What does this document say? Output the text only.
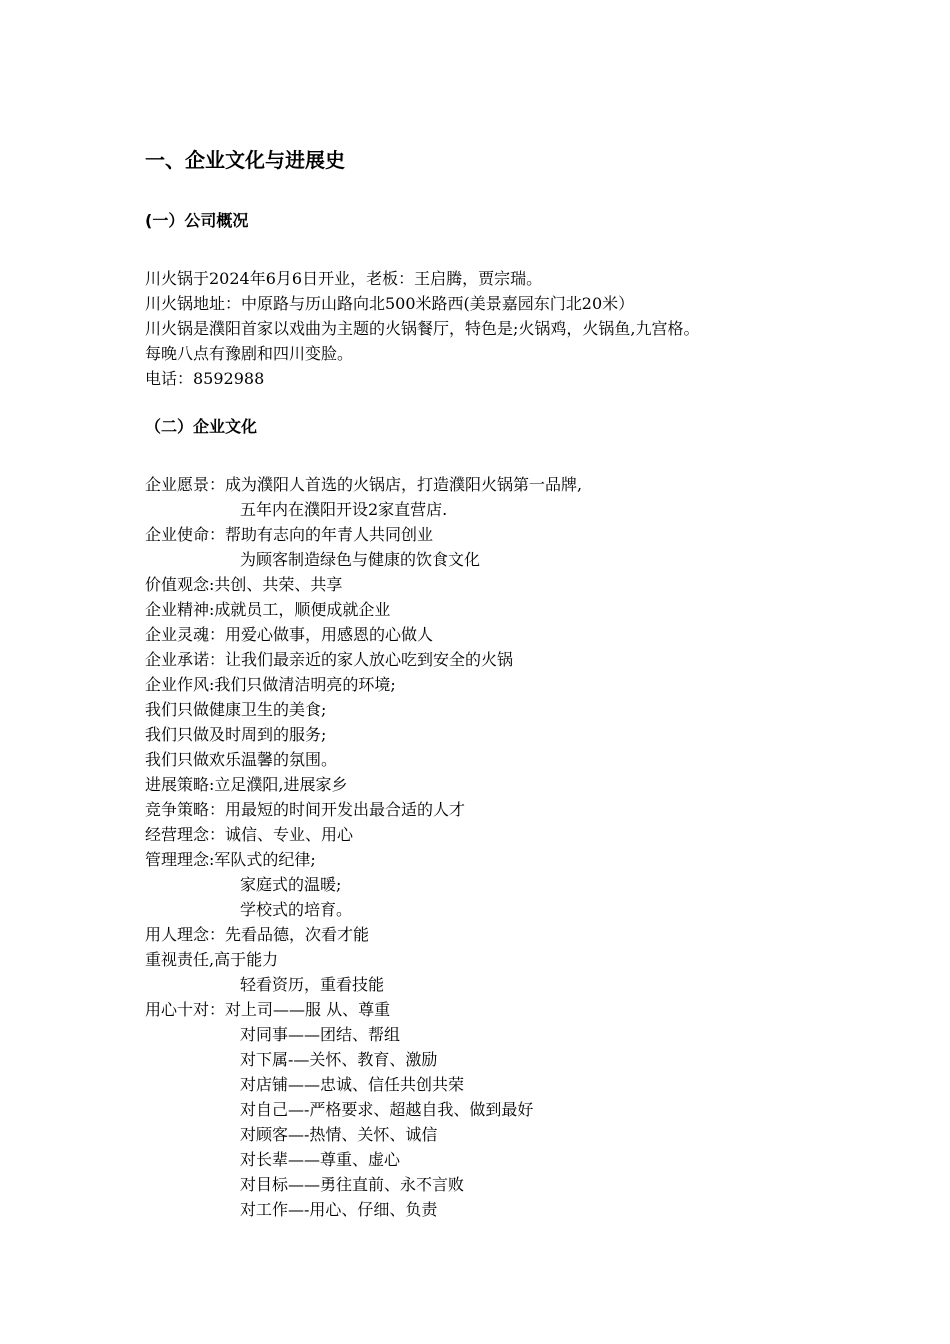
一、企业文化与进展史
(一）公司概况
川火锅于2024年6月6日开业，老板：王启腾，贾宗瑞。
川火锅地址：中原路与历山路向北500米路西(美景嘉园东门北20米）
川火锅是濮阳首家以戏曲为主题的火锅餐厅，特色是;火锅鸡，火锅鱼,九宫格。
每晚八点有豫剧和四川变脸。
电话：8592988
（二）企业文化
企业愿景：成为濮阳人首选的火锅店，打造濮阳火锅第一品牌,
五年内在濮阳开设2家直营店.
企业使命：帮助有志向的年青人共同创业
为顾客制造绿色与健康的饮食文化
价值观念:共创、共荣、共享
企业精神:成就员工，顺便成就企业
企业灵魂：用爱心做事，用感恩的心做人
企业承诺：让我们最亲近的家人放心吃到安全的火锅
企业作风:我们只做清洁明亮的环境;
我们只做健康卫生的美食;
我们只做及时周到的服务;
我们只做欢乐温馨的氛围。
进展策略:立足濮阳,进展家乡
竞争策略：用最短的时间开发出最合适的人才
经营理念：诚信、专业、用心
管理理念:军队式的纪律;
家庭式的温暖;
学校式的培育。
用人理念：先看品德，次看才能
重视责任,高于能力
轻看资历，重看技能
用心十对：对上司——服 从、尊重
对同事——团结、帮组
对下属-—关怀、教育、激励
对店铺——忠诚、信任共创共荣
对自己—-严格要求、超越自我、做到最好
对顾客—-热情、关怀、诚信
对长辈——尊重、虚心
对目标——勇往直前、永不言败
对工作—-用心、仔细、负责
